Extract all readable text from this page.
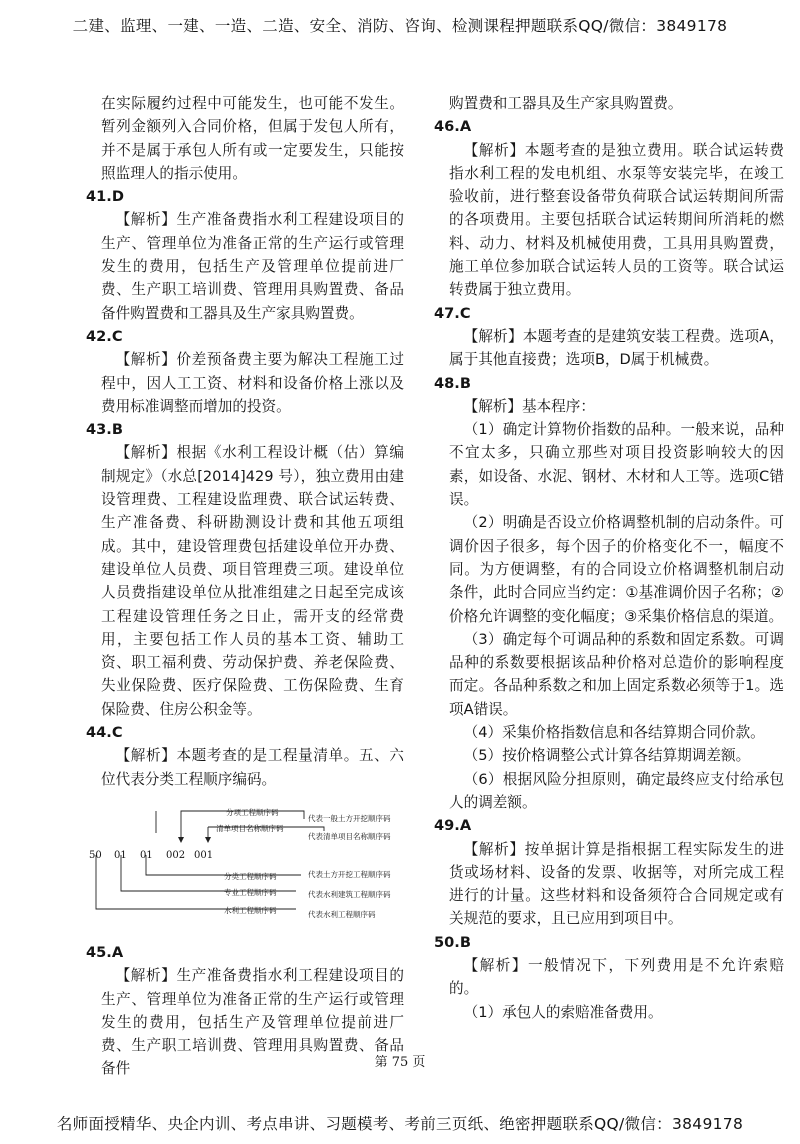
二建、监理、一建、一造、二造、安全、消防、咨询、检测课程押题联系QQ/微信：3849178

在实际履约过程中可能发生，也可能不发生。暂列金额列入合同价格，但属于发包人所有，并不是属于承包人所有或一定要发生，只能按照监理人的指示使用。

41.D

【解析】生产准备费指水利工程建设项目的生产、管理单位为准备正常的生产运行或管理发生的费用，包括生产及管理单位提前进厂费、生产职工培训费、管理用具购置费、备品备件购置费和工器具及生产家具购置费。

42.C

【解析】价差预备费主要为解决工程施工过程中，因人工工资、材料和设备价格上涨以及费用标准调整而增加的投资。

43.B

【解析】根据《水利工程设计概（估）算编制规定》（水总[2014]429 号），独立费用由建设管理费、工程建设监理费、联合试运转费、生产准备费、科研勘测设计费和其他五项组成。其中，建设管理费包括建设单位开办费、建设单位人员费、项目管理费三项。建设单位人员费指建设单位从批准组建之日起至完成该工程建设管理任务之日止，需开支的经常费用，主要包括工作人员的基本工资、辅助工资、职工福利费、劳动保护费、养老保险费、失业保险费、医疗保险费、工伤保险费、生育保险费、住房公积金等。

44.C

【解析】本题考查的是工程量清单。五、六位代表分类工程顺序编码。

50 01 01 002 001
分项工程顺序码
清单项目名称顺序码
分类工程顺序码
专业工程顺序码
水利工程顺序码
代表一般土方开挖顺序码
代表清单项目名称顺序码
代表土方开挖工程顺序码
代表水利建筑工程顺序码
代表水利工程顺序码

45.A

【解析】生产准备费指水利工程建设项目的生产、管理单位为准备正常的生产运行或管理发生的费用，包括生产及管理单位提前进厂费、生产职工培训费、管理用具购置费、备品备件

购置费和工器具及生产家具购置费。

46.A

【解析】本题考查的是独立费用。联合试运转费指水利工程的发电机组、水泵等安装完毕，在竣工验收前，进行整套设备带负荷联合试运转期间所需的各项费用。主要包括联合试运转期间所消耗的燃料、动力、材料及机械使用费，工具用具购置费，施工单位参加联合试运转人员的工资等。联合试运转费属于独立费用。

47.C

【解析】本题考查的是建筑安装工程费。选项A，属于其他直接费；选项B，D属于机械费。

48.B

【解析】基本程序：

（1）确定计算物价指数的品种。一般来说，品种不宜太多，只确立那些对项目投资影响较大的因素，如设备、水泥、钢材、木材和人工等。选项C错误。

（2）明确是否设立价格调整机制的启动条件。可调价因子很多，每个因子的价格变化不一，幅度不同。为方便调整，有的合同设立价格调整机制启动条件，此时合同应当约定：①基准调价因子名称；②价格允许调整的变化幅度；③采集价格信息的渠道。

（3）确定每个可调品种的系数和固定系数。可调品种的系数要根据该品种价格对总造价的影响程度而定。各品种系数之和加上固定系数必须等于1。选项A错误。

（4）采集价格指数信息和各结算期合同价款。

（5）按价格调整公式计算各结算期调差额。

（6）根据风险分担原则，确定最终应支付给承包人的调差额。

49.A

【解析】按单据计算是指根据工程实际发生的进货或场材料、设备的发票、收据等，对所完成工程进行的计量。这些材料和设备须符合合同规定或有关规范的要求，且已应用到项目中。

50.B

【解析】一般情况下，下列费用是不允许索赔的。

（1）承包人的索赔准备费用。

第 75 页
名师面授精华、央企内训、考点串讲、习题模考、考前三页纸、绝密押题联系QQ/微信：3849178
